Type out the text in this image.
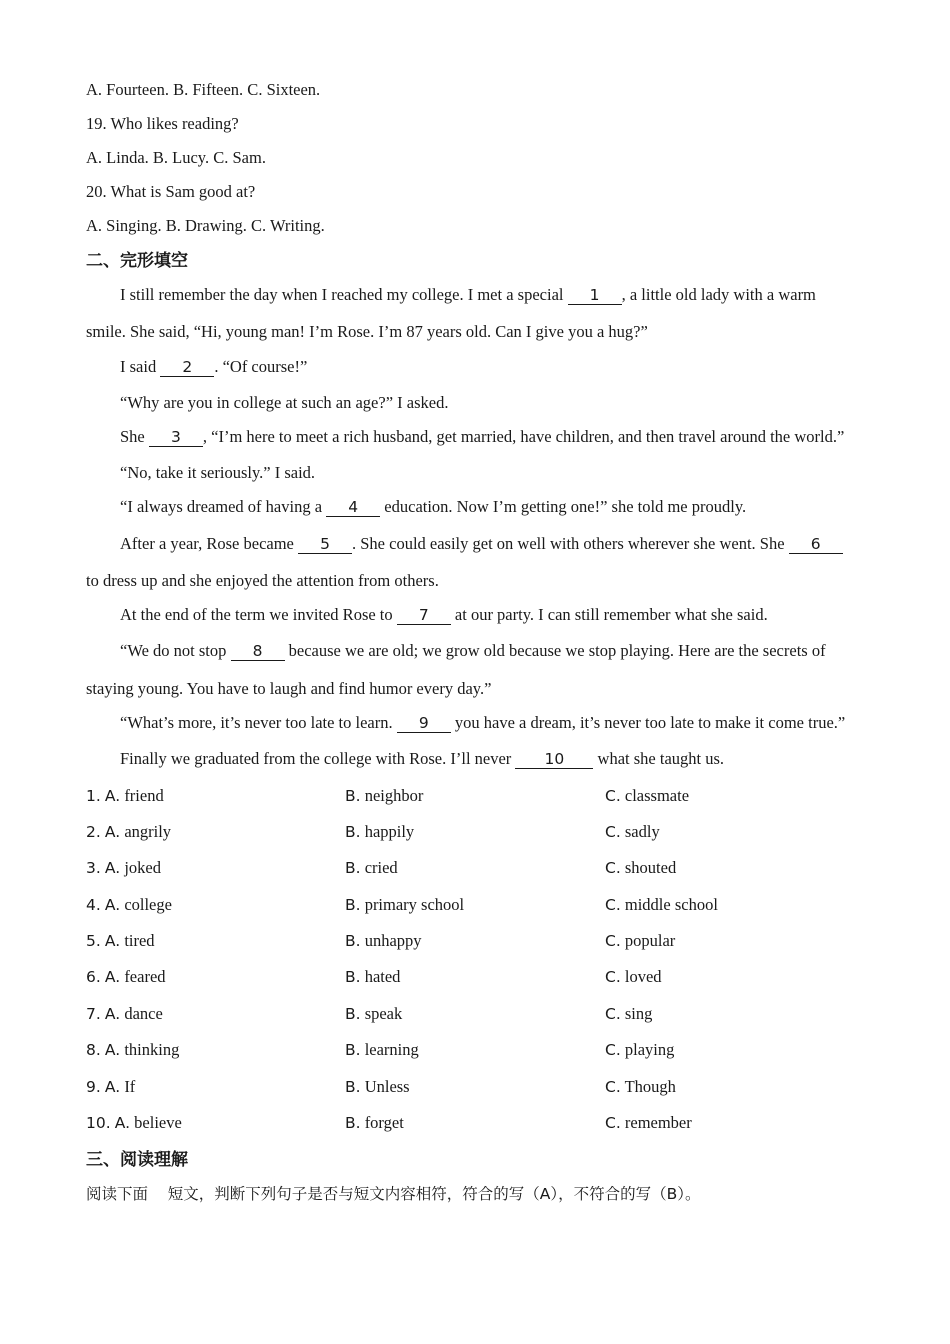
A. Fourteen. B. Fifteen. C. Sixteen.
19. Who likes reading?
A. Linda. B. Lucy. C. Sam.
20. What is Sam good at?
A. Singing. B. Drawing. C. Writing.
二、完形填空
I still remember the day when I reached my college. I met a special 1 , a little old lady with a warm
smile. She said, “Hi, young man! I’m Rose. I’m 87 years old. Can I give you a hug?”
I said 2 . “Of course!”
“Why are you in college at such an age?” I asked.
She 3 , “I’m here to meet a rich husband, get married, have children, and then travel around the world.”
“No, take it seriously.” I said.
“I always dreamed of having a 4 education. Now I’m getting one!” she told me proudly.
After a year, Rose became 5 . She could easily get on well with others wherever she went. She 6
to dress up and she enjoyed the attention from others.
At the end of the term we invited Rose to 7 at our party. I can still remember what she said.
“We do not stop 8 because we are old; we grow old because we stop playing. Here are the secrets of
staying young. You have to laugh and find humor every day.”
“What’s more, it’s never too late to learn. 9 you have a dream, it’s never too late to make it come true.”
Finally we graduated from the college with Rose. I’ll never 10 what she taught us.
1. A. friend	B. neighbor	C. classmate
2. A. angrily	B. happily	C. sadly
3. A. joked	B. cried	C. shouted
4. A. college	B. primary school	C. middle school
5. A. tired	B. unhappy	C. popular
6. A. feared	B. hated	C. loved
7. A. dance	B. speak	C. sing
8. A. thinking	B. learning	C. playing
9. A. If	B. Unless	C. Though
10. A. believe	B. forget	C. remember
三、阅读理解
阅读下面    短文，判断下列句子是否与短文内容相符，符合的写（A），不符合的写（B）。
